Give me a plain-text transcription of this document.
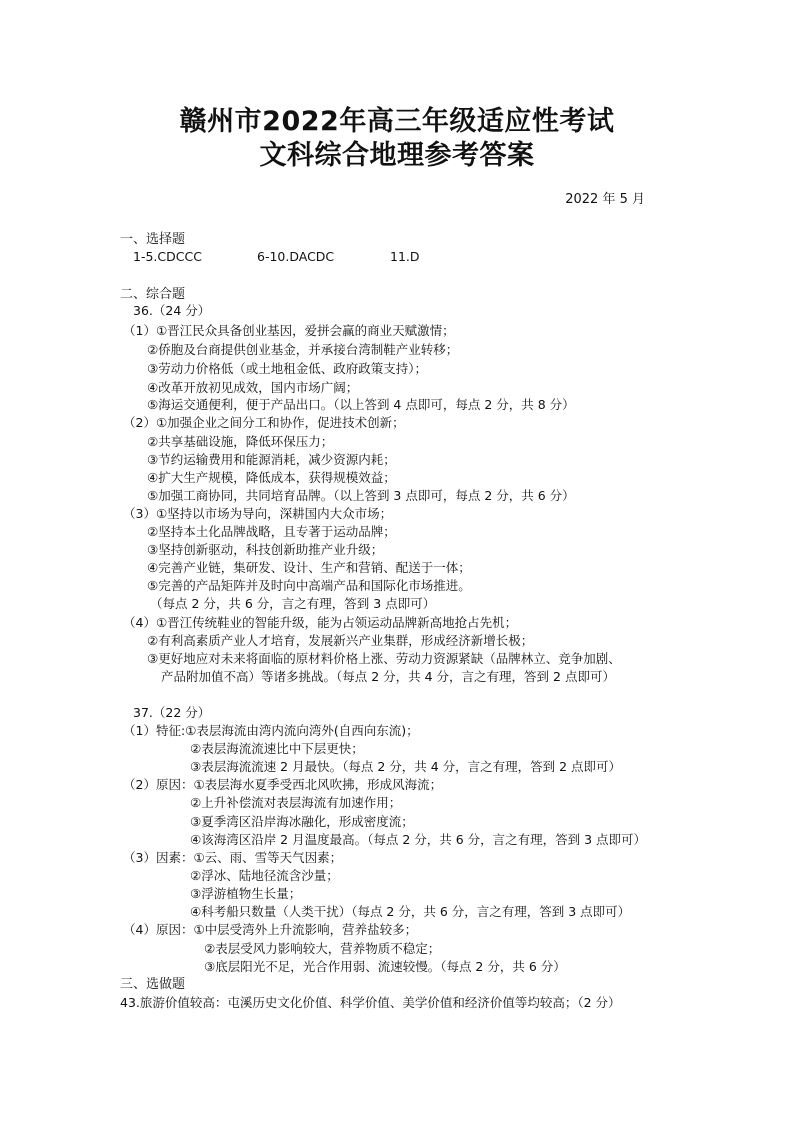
赣州市2022年高三年级适应性考试
文科综合地理参考答案
2022 年 5 月
一、选择题
1-5.CDCCC	6-10.DACDC	11.D
二、综合题
36.（24 分）
（1）①晋江民众具备创业基因，爱拼会赢的商业天赋激情；
②侨胞及台商提供创业基金，并承接台湾制鞋产业转移；
③劳动力价格低（或土地租金低、政府政策支持）；
④改革开放初见成效，国内市场广阔；
⑤海运交通便利，便于产品出口。（以上答到 4 点即可，每点 2 分，共 8 分）
（2）①加强企业之间分工和协作，促进技术创新；
②共享基础设施，降低环保压力；
③节约运输费用和能源消耗，减少资源内耗；
④扩大生产规模，降低成本，获得规模效益；
⑤加强工商协同，共同培育品牌。（以上答到 3 点即可，每点 2 分，共 6 分）
（3）①坚持以市场为导向，深耕国内大众市场；
②坚持本土化品牌战略，且专著于运动品牌；
③坚持创新驱动，科技创新助推产业升级；
④完善产业链，集研发、设计、生产和营销、配送于一体；
⑤完善的产品矩阵并及时向中高端产品和国际化市场推进。
（每点 2 分，共 6 分，言之有理，答到 3 点即可）
（4）①晋江传统鞋业的智能升级，能为占领运动品牌新高地抢占先机；
②有利高素质产业人才培育，发展新兴产业集群，形成经济新增长极；
③更好地应对未来将面临的原材料价格上涨、劳动力资源紧缺（品牌林立、竞争加剧、
产品附加值不高）等诸多挑战。（每点 2 分，共 4 分，言之有理，答到 2 点即可）
37.（22 分）
（1）特征:①表层海流由湾内流向湾外(自西向东流)；
②表层海流流速比中下层更快；
③表层海流流速 2 月最快。（每点 2 分，共 4 分，言之有理，答到 2 点即可）
（2）原因：①表层海水夏季受西北风吹拂，形成风海流；
②上升补偿流对表层海流有加速作用；
③夏季湾区沿岸海冰融化，形成密度流；
④该海湾区沿岸 2 月温度最高。（每点 2 分，共 6 分，言之有理，答到 3 点即可）
（3）因素：①云、雨、雪等天气因素；
②浮冰、陆地径流含沙量；
③浮游植物生长量；
④科考船只数量（人类干扰）（每点 2 分，共 6 分，言之有理，答到 3 点即可）
（4）原因：①中层受湾外上升流影响，营养盐较多；
②表层受风力影响较大，营养物质不稳定；
③底层阳光不足，光合作用弱、流速较慢。（每点 2 分，共 6 分）
三、选做题
43.旅游价值较高：屯溪历史文化价值、科学价值、美学价值和经济价值等均较高；（2 分）
